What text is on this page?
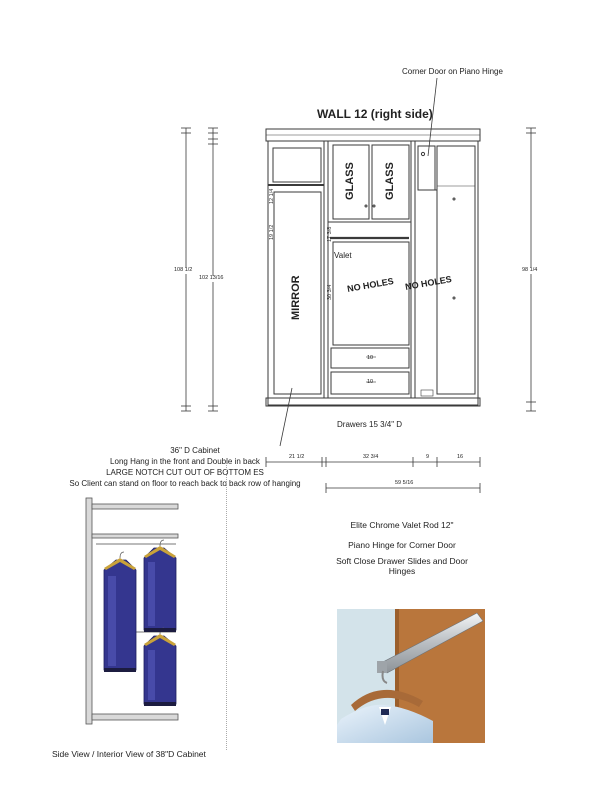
Corner Door on Piano Hinge
WALL 12 (right side)
GLASS	GLASS
MIRROR	NO HOLES NO HOLES
Valet
10
10
12 1/4
19 1/2	17 3/8
30 3/4
Drawers 15 3/4" D
108 1/2
102 13/16
98 1/4
21 1/2	32 3/4	9	16
59 5/16
36" D Cabinet
Long Hang in the front and Double in back
LARGE NOTCH CUT OUT OF BOTTOM ES
So Client can stand on floor to reach back to back row of hanging
Elite Chrome Valet Rod 12"
Piano Hinge for Corner Door
Soft Close Drawer Slides and Door Hinges
Side View / Interior View of 38"D Cabinet
